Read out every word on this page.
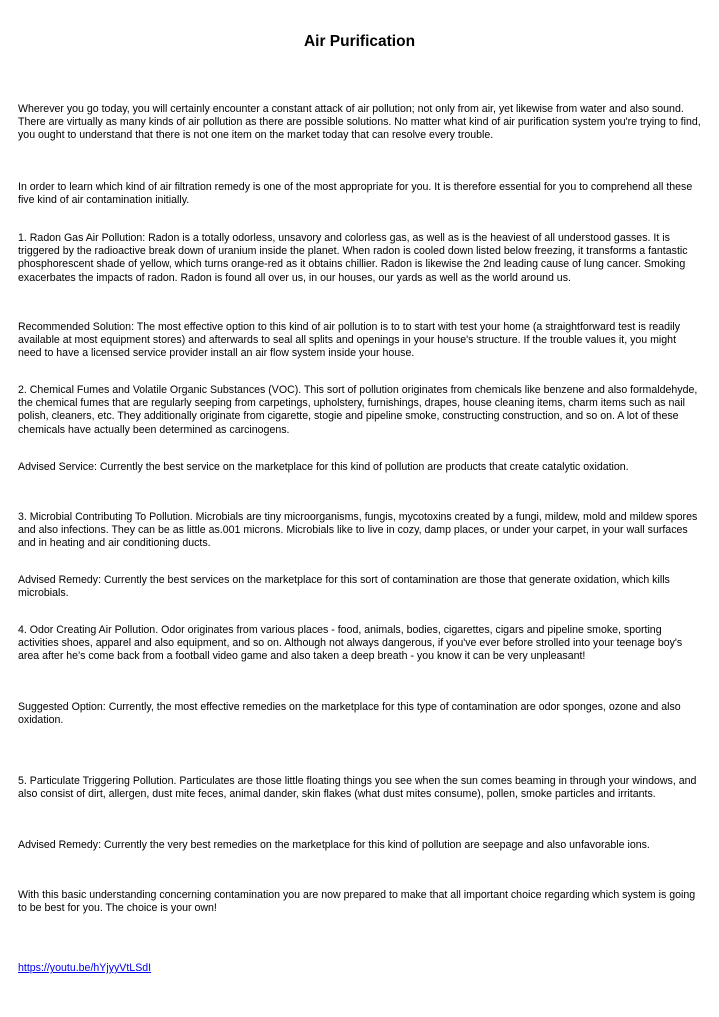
Air Purification

Wherever you go today, you will certainly encounter a constant attack of air pollution; not only from air, yet likewise from water and also sound. There are virtually as many kinds of air pollution as there are possible solutions. No matter what kind of air purification system you're trying to find, you ought to understand that there is not one item on the market today that can resolve every trouble.

In order to learn which kind of air filtration remedy is one of the most appropriate for you. It is therefore essential for you to comprehend all these five kind of air contamination initially.

1. Radon Gas Air Pollution: Radon is a totally odorless, unsavory and colorless gas, as well as is the heaviest of all understood gasses. It is triggered by the radioactive break down of uranium inside the planet. When radon is cooled down listed below freezing, it transforms a fantastic phosphorescent shade of yellow, which turns orange-red as it obtains chillier. Radon is likewise the 2nd leading cause of lung cancer. Smoking exacerbates the impacts of radon. Radon is found all over us, in our houses, our yards as well as the world around us.

Recommended Solution: The most effective option to this kind of air pollution is to to start with test your home (a straightforward test is readily available at most equipment stores) and afterwards to seal all splits and openings in your house's structure. If the trouble values it, you might need to have a licensed service provider install an air flow system inside your house.

2. Chemical Fumes and Volatile Organic Substances (VOC). This sort of pollution originates from chemicals like benzene and also formaldehyde, the chemical fumes that are regularly seeping from carpetings, upholstery, furnishings, drapes, house cleaning items, charm items such as nail polish, cleaners, etc. They additionally originate from cigarette, stogie and pipeline smoke, constructing construction, and so on. A lot of these chemicals have actually been determined as carcinogens.

Advised Service: Currently the best service on the marketplace for this kind of pollution are products that create catalytic oxidation.

3. Microbial Contributing To Pollution. Microbials are tiny microorganisms, fungis, mycotoxins created by a fungi, mildew, mold and mildew spores and also infections. They can be as little as.001 microns. Microbials like to live in cozy, damp places, or under your carpet, in your wall surfaces and in heating and air conditioning ducts.

Advised Remedy: Currently the best services on the marketplace for this sort of contamination are those that generate oxidation, which kills microbials.

4. Odor Creating Air Pollution. Odor originates from various places - food, animals, bodies, cigarettes, cigars and pipeline smoke, sporting activities shoes, apparel and also equipment, and so on. Although not always dangerous, if you've ever before strolled into your teenage boy's area after he's come back from a football video game and also taken a deep breath - you know it can be very unpleasant!

Suggested Option: Currently, the most effective remedies on the marketplace for this type of contamination are odor sponges, ozone and also oxidation.

5. Particulate Triggering Pollution. Particulates are those little floating things you see when the sun comes beaming in through your windows, and also consist of dirt, allergen, dust mite feces, animal dander, skin flakes (what dust mites consume), pollen, smoke particles and irritants.

Advised Remedy: Currently the very best remedies on the marketplace for this kind of pollution are seepage and also unfavorable ions.

With this basic understanding concerning contamination you are now prepared to make that all important choice regarding which system is going to be best for you. The choice is your own!

https://youtu.be/hYjyyVtLSdI
